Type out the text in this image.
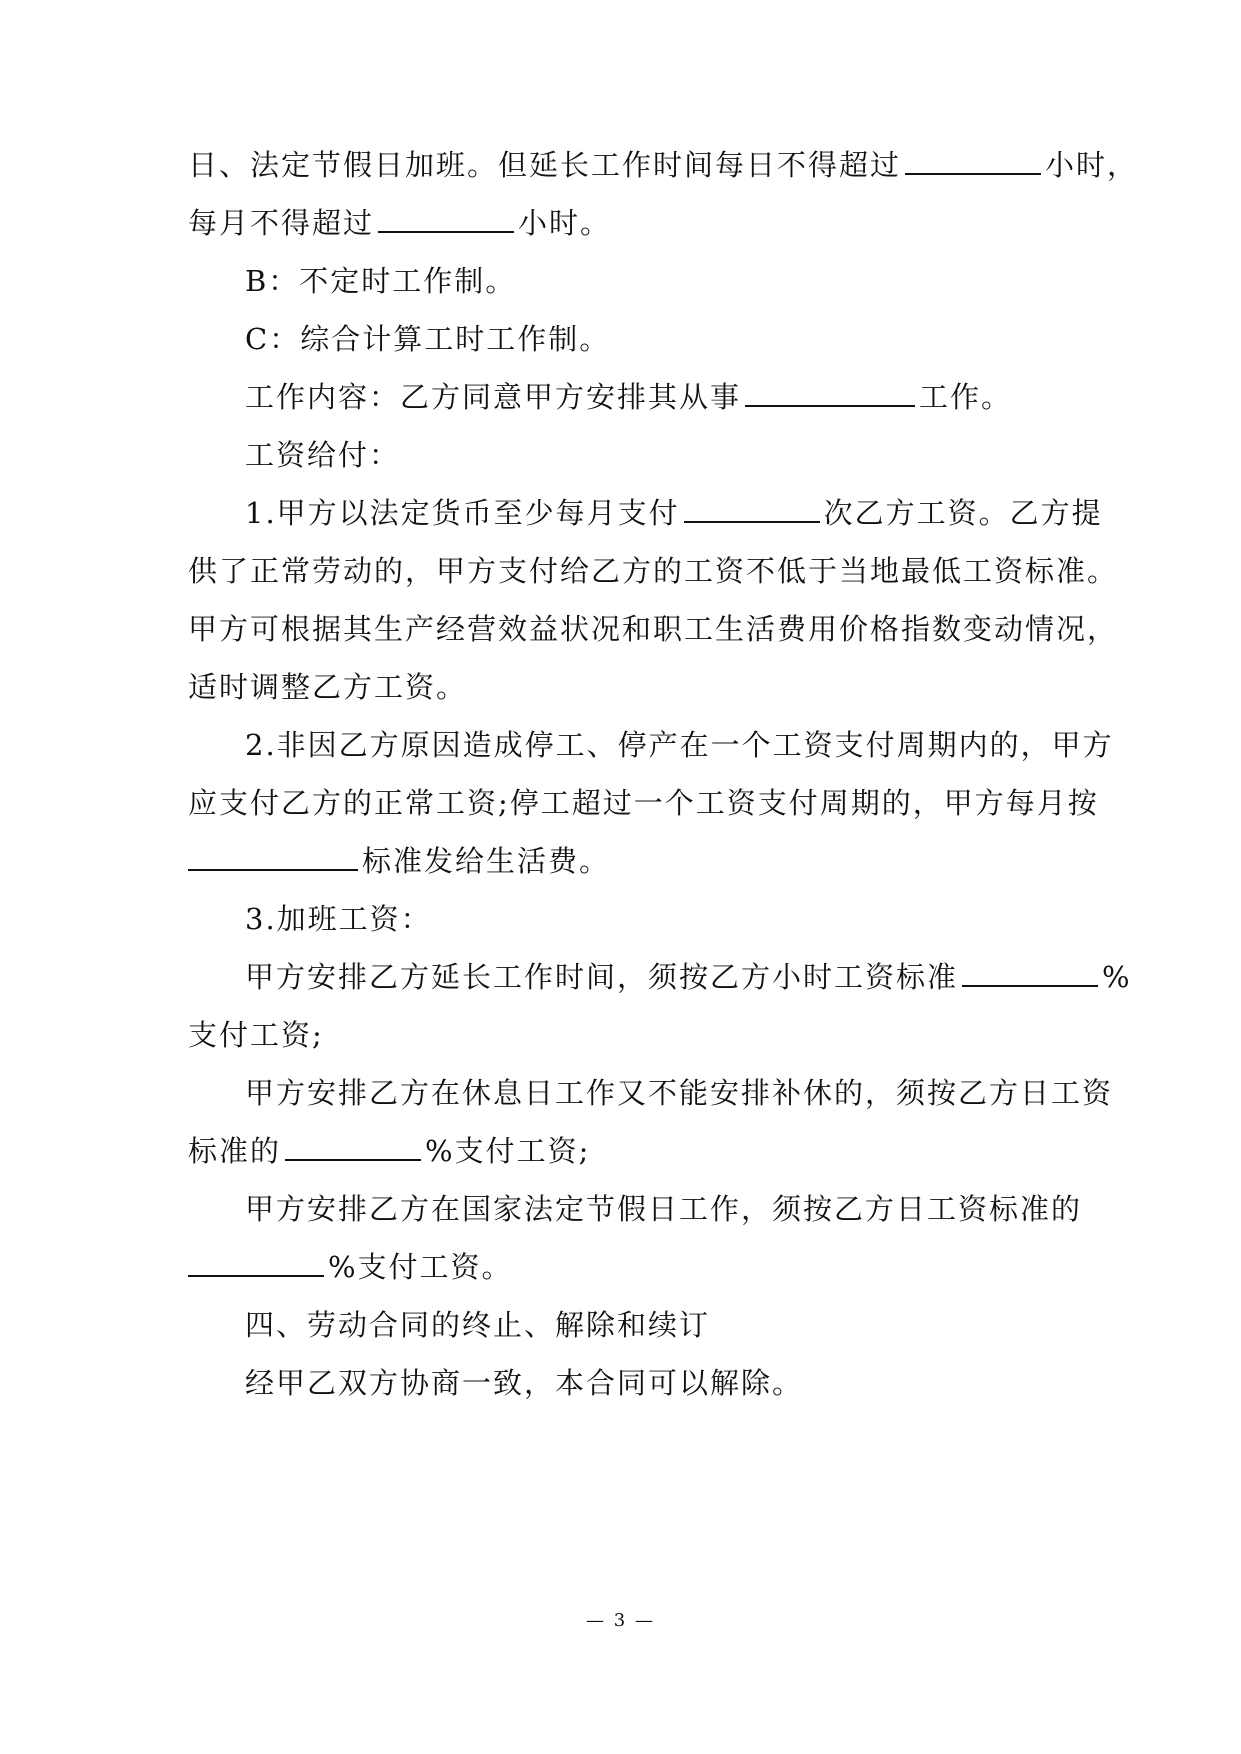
日、法定节假日加班。但延长工作时间每日不得超过	小时，
每月不得超过	小时。
B：不定时工作制。
C：综合计算工时工作制。
工作内容：乙方同意甲方安排其从事	工作。
工资给付：
1.甲方以法定货币至少每月支付	次乙方工资。乙方提
供了正常劳动的，甲方支付给乙方的工资不低于当地最低工资标准。
甲方可根据其生产经营效益状况和职工生活费用价格指数变动情况，
适时调整乙方工资。
2.非因乙方原因造成停工、停产在一个工资支付周期内的，甲方
应支付乙方的正常工资;停工超过一个工资支付周期的，甲方每月按
标准发给生活费。
3.加班工资：
甲方安排乙方延长工作时间，须按乙方小时工资标准	%
支付工资;
甲方安排乙方在休息日工作又不能安排补休的，须按乙方日工资
标准的	%支付工资;
甲方安排乙方在国家法定节假日工作，须按乙方日工资标准的
%支付工资。
四、劳动合同的终止、解除和续订
经甲乙双方协商一致，本合同可以解除。
— 3 —
